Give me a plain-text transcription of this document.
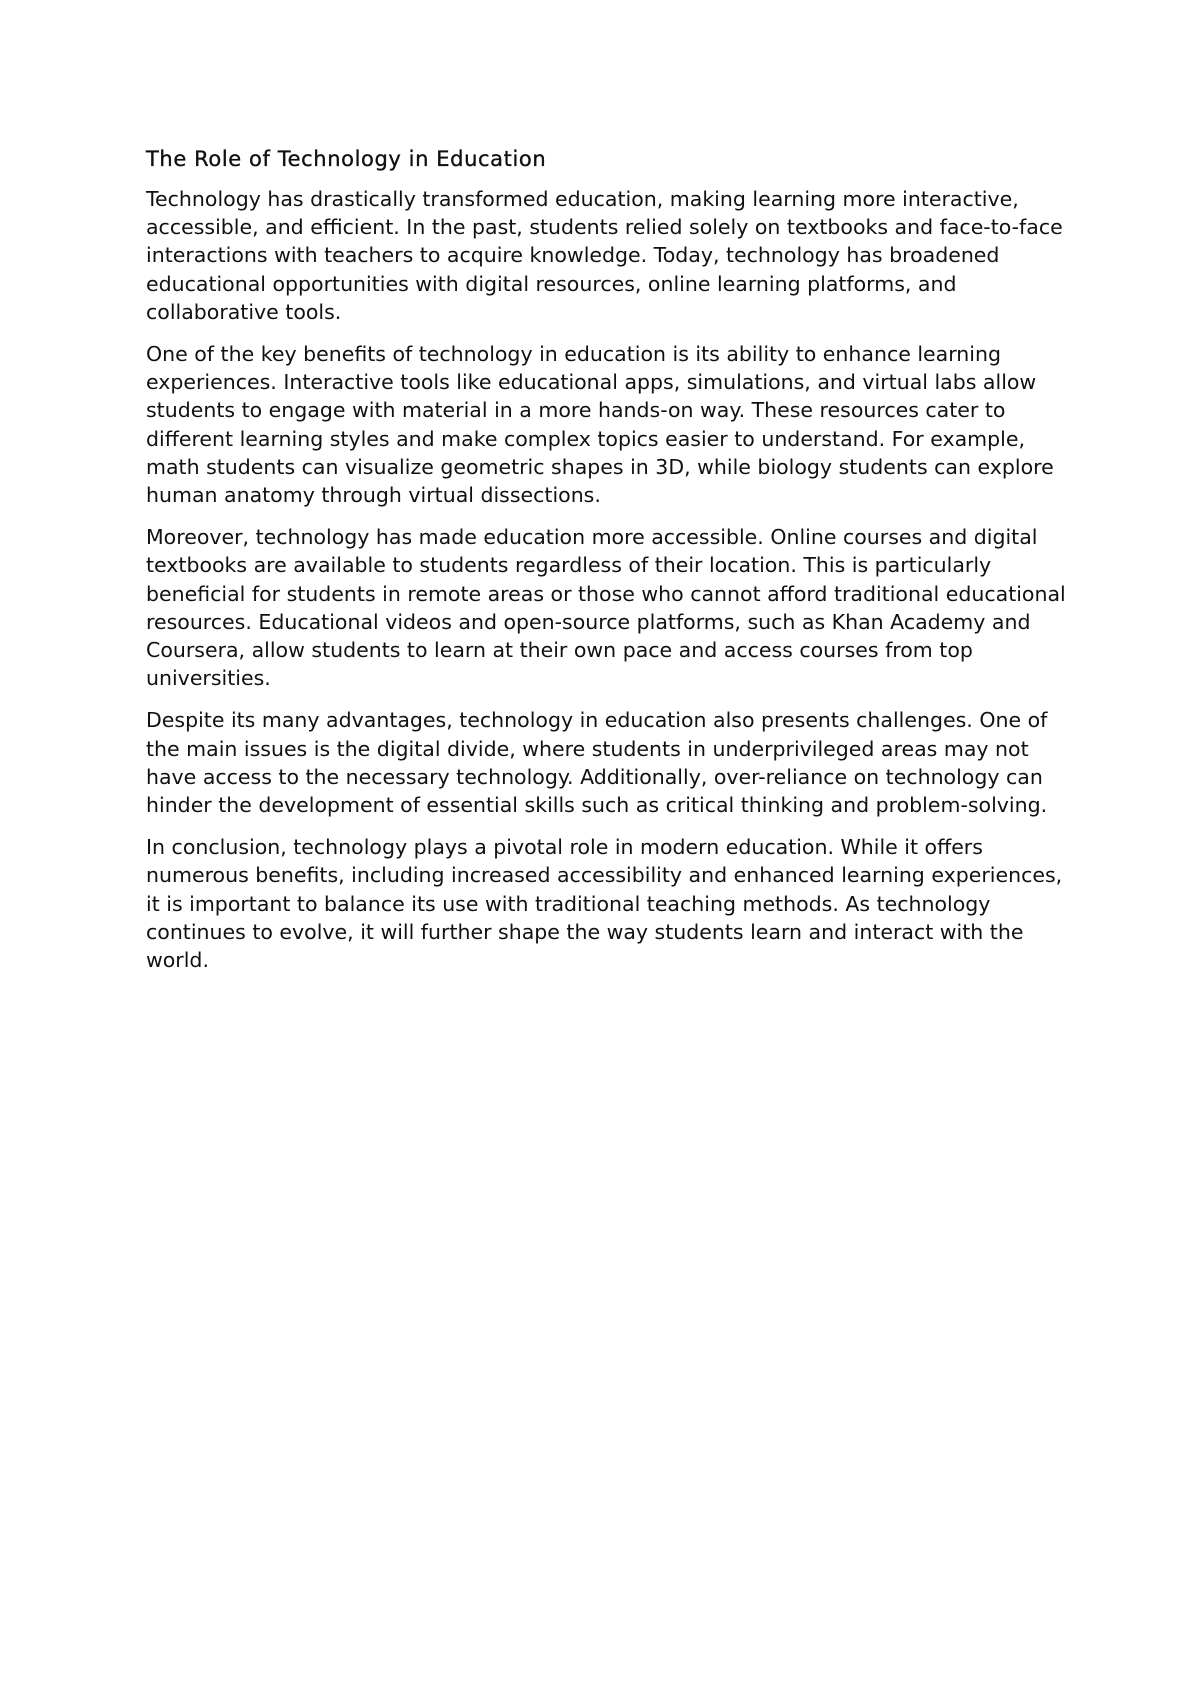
The Role of Technology in Education

Technology has drastically transformed education, making learning more interactive, accessible, and efficient. In the past, students relied solely on textbooks and face-to-face interactions with teachers to acquire knowledge. Today, technology has broadened educational opportunities with digital resources, online learning platforms, and collaborative tools.

One of the key benefits of technology in education is its ability to enhance learning experiences. Interactive tools like educational apps, simulations, and virtual labs allow students to engage with material in a more hands-on way. These resources cater to different learning styles and make complex topics easier to understand. For example, math students can visualize geometric shapes in 3D, while biology students can explore human anatomy through virtual dissections.

Moreover, technology has made education more accessible. Online courses and digital textbooks are available to students regardless of their location. This is particularly beneficial for students in remote areas or those who cannot afford traditional educational resources. Educational videos and open-source platforms, such as Khan Academy and Coursera, allow students to learn at their own pace and access courses from top universities.

Despite its many advantages, technology in education also presents challenges. One of the main issues is the digital divide, where students in underprivileged areas may not have access to the necessary technology. Additionally, over-reliance on technology can hinder the development of essential skills such as critical thinking and problem-solving.

In conclusion, technology plays a pivotal role in modern education. While it offers numerous benefits, including increased accessibility and enhanced learning experiences, it is important to balance its use with traditional teaching methods. As technology continues to evolve, it will further shape the way students learn and interact with the world.
